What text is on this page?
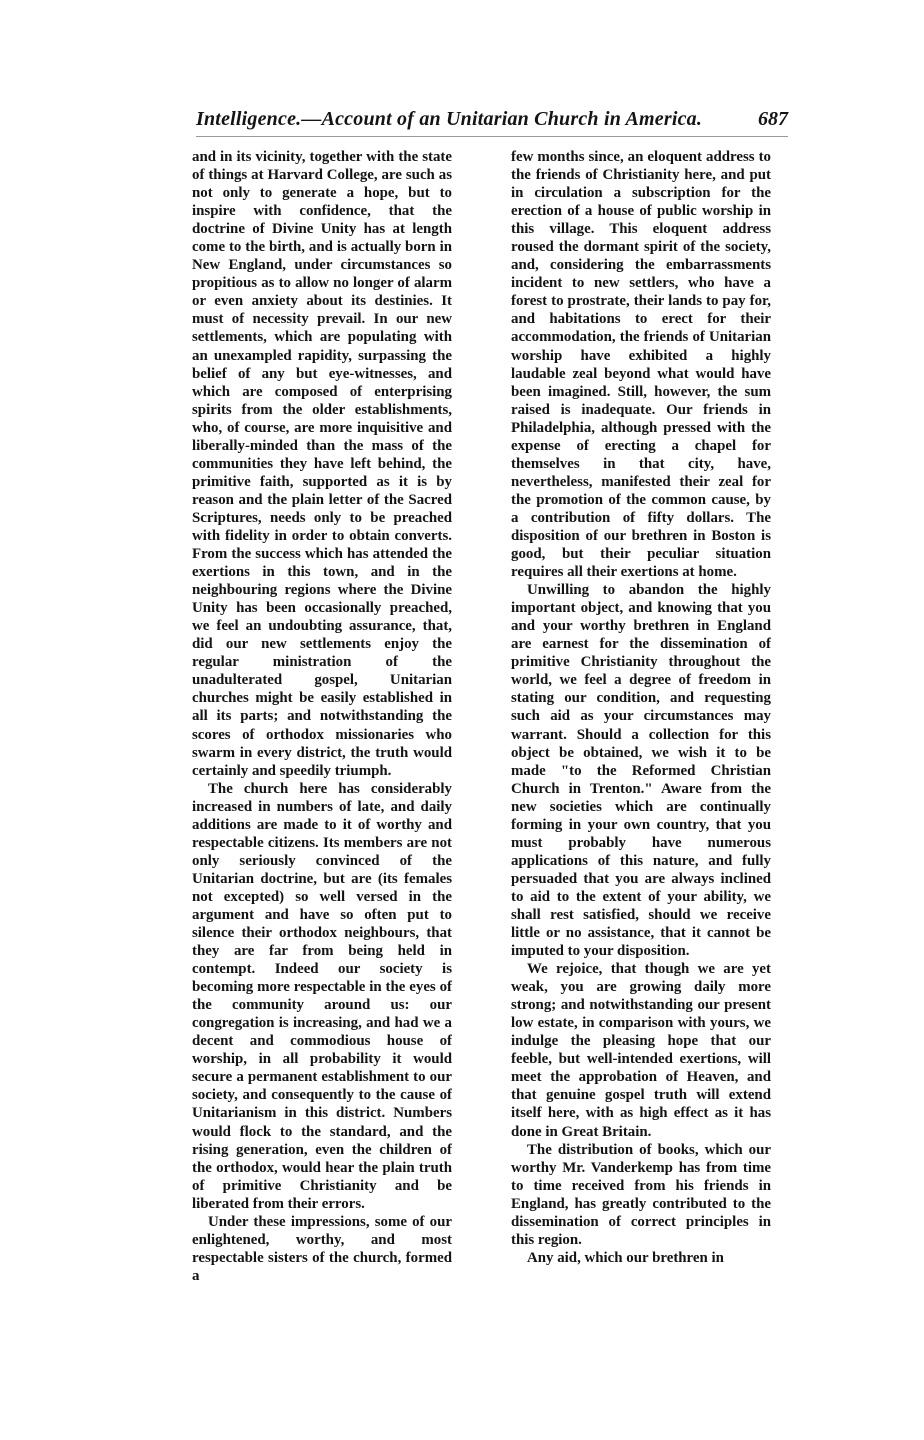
Intelligence.—Account of an Unitarian Church in America.	687

and in its vicinity, together with the state of things at Harvard College, are such as not only to generate a hope, but to inspire with confidence, that the doctrine of Divine Unity has at length come to the birth, and is actually born in New England, under circumstances so propitious as to allow no longer of alarm or even anxiety about its destinies. It must of necessity prevail. In our new settlements, which are populating with an unexampled rapidity, surpassing the belief of any but eye-witnesses, and which are composed of enterprising spirits from the older establishments, who, of course, are more inquisitive and liberally-minded than the mass of the communities they have left behind, the primitive faith, supported as it is by reason and the plain letter of the Sacred Scriptures, needs only to be preached with fidelity in order to obtain converts. From the success which has attended the exertions in this town, and in the neighbouring regions where the Divine Unity has been occasionally preached, we feel an undoubting assurance, that, did our new settlements enjoy the regular ministration of the unadulterated gospel, Unitarian churches might be easily established in all its parts; and notwithstanding the scores of orthodox missionaries who swarm in every district, the truth would certainly and speedily triumph.

The church here has considerably increased in numbers of late, and daily additions are made to it of worthy and respectable citizens. Its members are not only seriously convinced of the Unitarian doctrine, but are (its females not excepted) so well versed in the argument and have so often put to silence their orthodox neighbours, that they are far from being held in contempt. Indeed our society is becoming more respectable in the eyes of the community around us: our congregation is increasing, and had we a decent and commodious house of worship, in all probability it would secure a permanent establishment to our society, and consequently to the cause of Unitarianism in this district. Numbers would flock to the standard, and the rising generation, even the children of the orthodox, would hear the plain truth of primitive Christianity and be liberated from their errors.

Under these impressions, some of our enlightened, worthy, and most respectable sisters of the church, formed a

few months since, an eloquent address to the friends of Christianity here, and put in circulation a subscription for the erection of a house of public worship in this village. This eloquent address roused the dormant spirit of the society, and, considering the embarrassments incident to new settlers, who have a forest to prostrate, their lands to pay for, and habitations to erect for their accommodation, the friends of Unitarian worship have exhibited a highly laudable zeal beyond what would have been imagined. Still, however, the sum raised is inadequate. Our friends in Philadelphia, although pressed with the expense of erecting a chapel for themselves in that city, have, nevertheless, manifested their zeal for the promotion of the common cause, by a contribution of fifty dollars. The disposition of our brethren in Boston is good, but their peculiar situation requires all their exertions at home.

Unwilling to abandon the highly important object, and knowing that you and your worthy brethren in England are earnest for the dissemination of primitive Christianity throughout the world, we feel a degree of freedom in stating our condition, and requesting such aid as your circumstances may warrant. Should a collection for this object be obtained, we wish it to be made "to the Reformed Christian Church in Trenton." Aware from the new societies which are continually forming in your own country, that you must probably have numerous applications of this nature, and fully persuaded that you are always inclined to aid to the extent of your ability, we shall rest satisfied, should we receive little or no assistance, that it cannot be imputed to your disposition.

We rejoice, that though we are yet weak, you are growing daily more strong; and notwithstanding our present low estate, in comparison with yours, we indulge the pleasing hope that our feeble, but well-intended exertions, will meet the approbation of Heaven, and that genuine gospel truth will extend itself here, with as high effect as it has done in Great Britain.

The distribution of books, which our worthy Mr. Vanderkemp has from time to time received from his friends in England, has greatly contributed to the dissemination of correct principles in this region.

Any aid, which our brethren in
